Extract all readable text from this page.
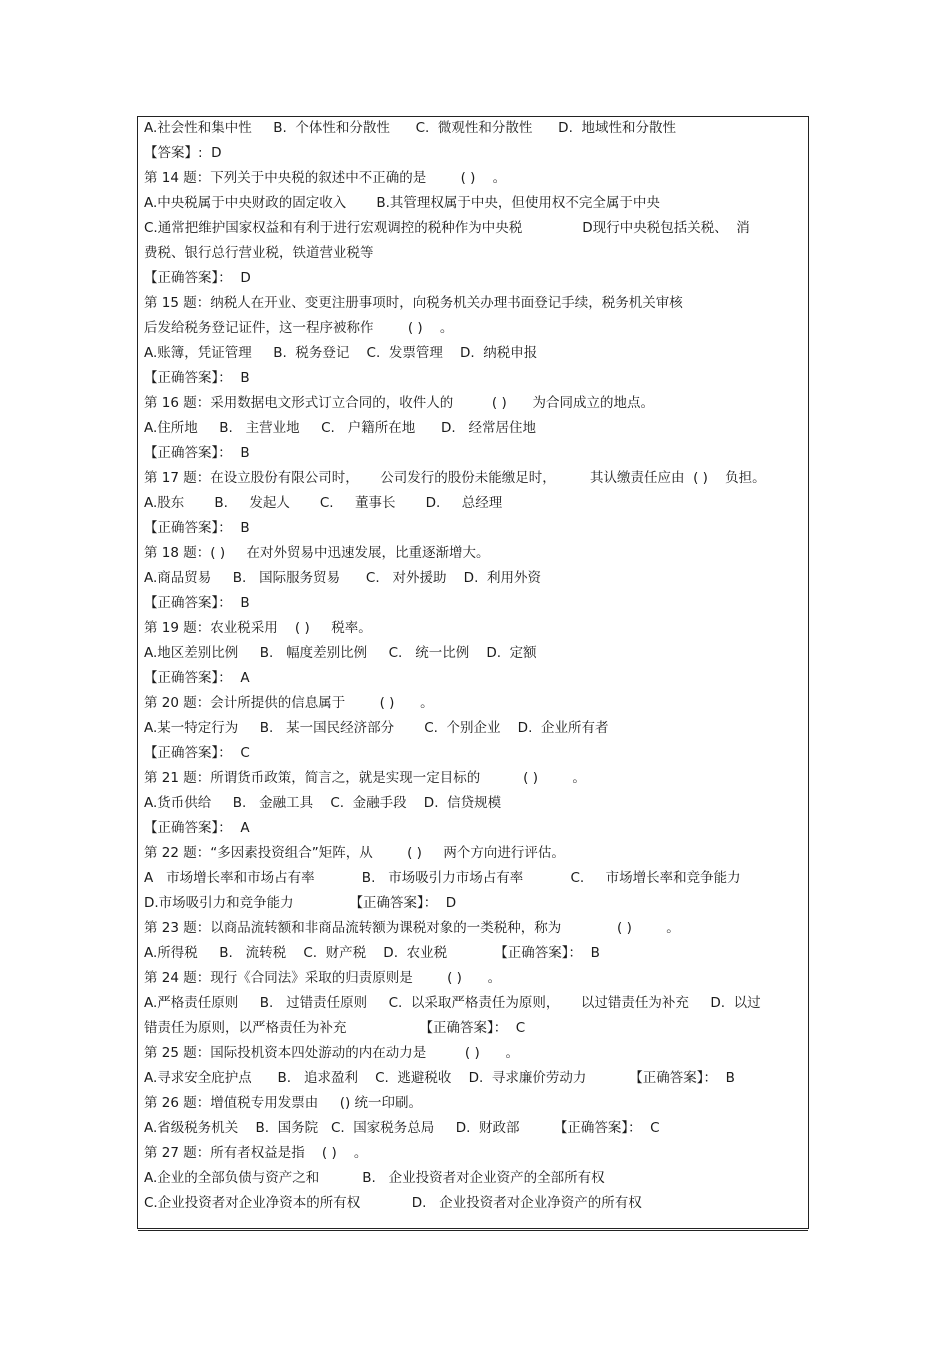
A.社会性和集中性     B.  个体性和分散性      C.  微观性和分散性      D.  地域性和分散性
【答案】:  D
第 14 题：下列关于中央税的叙述中不正确的是        ( )    。
A.中央税属于中央财政的固定收入       B.其管理权属于中央，但使用权不完全属于中央
C.通常把维护国家权益和有利于进行宏观调控的税种作为中央税              D现行中央税包括关税、  消
费税、银行总行营业税，铁道营业税等
【正确答案】：  D
第 15 题：纳税人在开业、变更注册事项时，向税务机关办理书面登记手续，税务机关审核
后发给税务登记证件，这一程序被称作        ( )    。
A.账簿，凭证管理     B.  税务登记    C.  发票管理    D.  纳税申报
【正确答案】：  B
第 16 题：采用数据电文形式订立合同的，收件人的         ( )      为合同成立的地点。
A.住所地     B.   主营业地     C.   户籍所在地      D.   经常居住地
【正确答案】：  B
第 17 题：在设立股份有限公司时，     公司发行的股份未能缴足时，        其认缴责任应由  ( )    负担。
A.股东       B.     发起人       C.     董事长       D.     总经理
【正确答案】：  B
第 18 题：( )     在对外贸易中迅速发展，比重逐渐增大。
A.商品贸易     B.   国际服务贸易      C.   对外援助    D.  利用外资
【正确答案】：  B
第 19 题：农业税采用    ( )     税率。
A.地区差别比例     B.   幅度差别比例     C.   统一比例    D.  定额
【正确答案】：  A
第 20 题：会计所提供的信息属于        ( )      。
A.某一特定行为     B.   某一国民经济部分       C.  个别企业    D.  企业所有者
【正确答案】：  C
第 21 题：所谓货币政策，简言之，就是实现一定目标的          ( )        。
A.货币供给     B.   金融工具    C.  金融手段    D.  信贷规模
【正确答案】：  A
第 22 题：“多因素投资组合”矩阵，从        ( )     两个方向进行评估。
A   市场增长率和市场占有率           B.   市场吸引力市场占有率           C.     市场增长率和竞争能力
D.市场吸引力和竞争能力             【正确答案】：  D
第 23 题：以商品流转额和非商品流转额为课税对象的一类税种，称为             ( )        。
A.所得税     B.   流转税    C.  财产税    D.  农业税           【正确答案】：  B
第 24 题：现行《合同法》采取的归责原则是        ( )      。
A.严格责任原则     B.   过错责任原则     C.  以采取严格责任为原则，     以过错责任为补充     D.  以过
错责任为原则，以严格责任为补充                 【正确答案】：  C
第 25 题：国际投机资本四处游动的内在动力是         ( )      。
A.寻求安全庇护点      B.   追求盈利    C.  逃避税收    D.  寻求廉价劳动力          【正确答案】：  B
第 26 题：增值税专用发票由     () 统一印刷。
A.省级税务机关    B.  国务院   C.  国家税务总局     D.  财政部        【正确答案】：  C
第 27 题：所有者权益是指    ( )    。
A.企业的全部负债与资产之和          B.   企业投资者对企业资产的全部所有权
C.企业投资者对企业净资本的所有权            D.   企业投资者对企业净资产的所有权
